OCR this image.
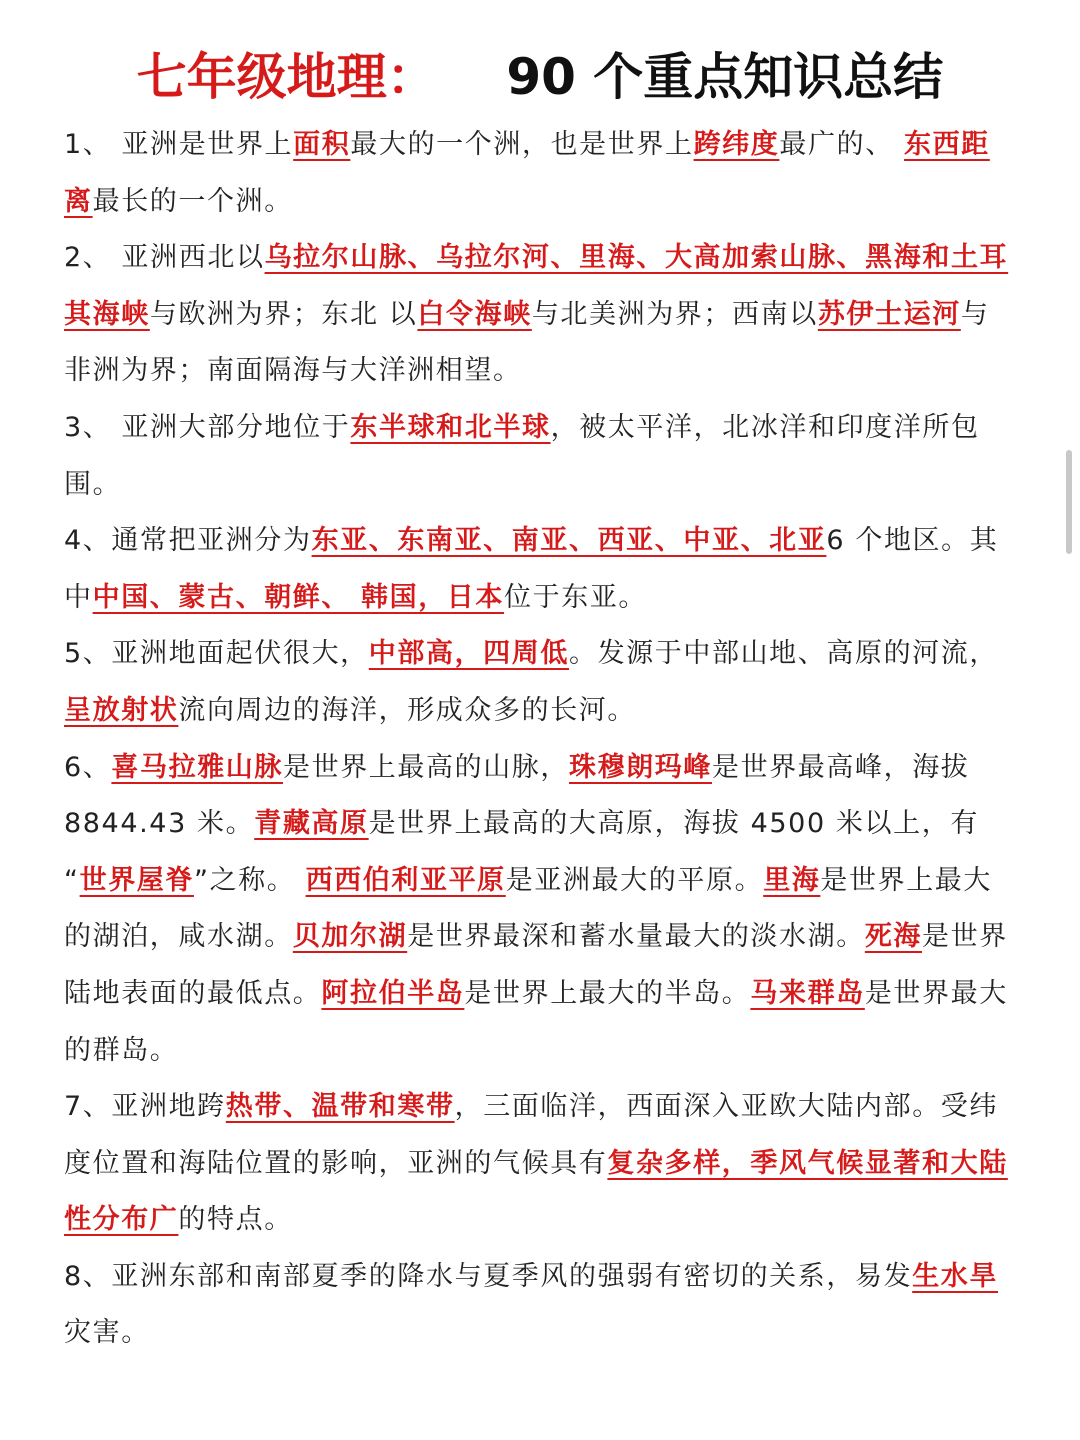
七年级地理： 90 个重点知识总结

1、 亚洲是世界上面积最大的一个洲，也是世界上跨纬度最广的、 东西距离最长的一个洲。

2、 亚洲西北以乌拉尔山脉、乌拉尔河、里海、大高加索山脉、黑海和土耳其海峡与欧洲为界；东北 以白令海峡与北美洲为界；西南以苏伊士运河与非洲为界；南面隔海与大洋洲相望。

3、 亚洲大部分地位于东半球和北半球，被太平洋，北冰洋和印度洋所包围。

4、通常把亚洲分为东亚、东南亚、南亚、西亚、中亚、北亚6 个地区。其中中国、蒙古、朝鲜、 韩国，日本位于东亚。

5、亚洲地面起伏很大，中部高，四周低。发源于中部山地、高原的河流，呈放射状流向周边的海洋，形成众多的长河。

6、喜马拉雅山脉是世界上最高的山脉，珠穆朗玛峰是世界最高峰，海拔 8844.43 米。青藏高原是世界上最高的大高原，海拔 4500 米以上，有 “世界屋脊”之称。 西西伯利亚平原是亚洲最大的平原。里海是世界上最大的湖泊，咸水湖。贝加尔湖是世界最深和蓄水量最大的淡水湖。死海是世界陆地表面的最低点。阿拉伯半岛是世界上最大的半岛。马来群岛是世界最大的群岛。

7、亚洲地跨热带、温带和寒带，三面临洋，西面深入亚欧大陆内部。受纬度位置和海陆位置的影响，亚洲的气候具有复杂多样，季风气候显著和大陆性分布广的特点。

8、亚洲东部和南部夏季的降水与夏季风的强弱有密切的关系，易发生水旱灾害。
